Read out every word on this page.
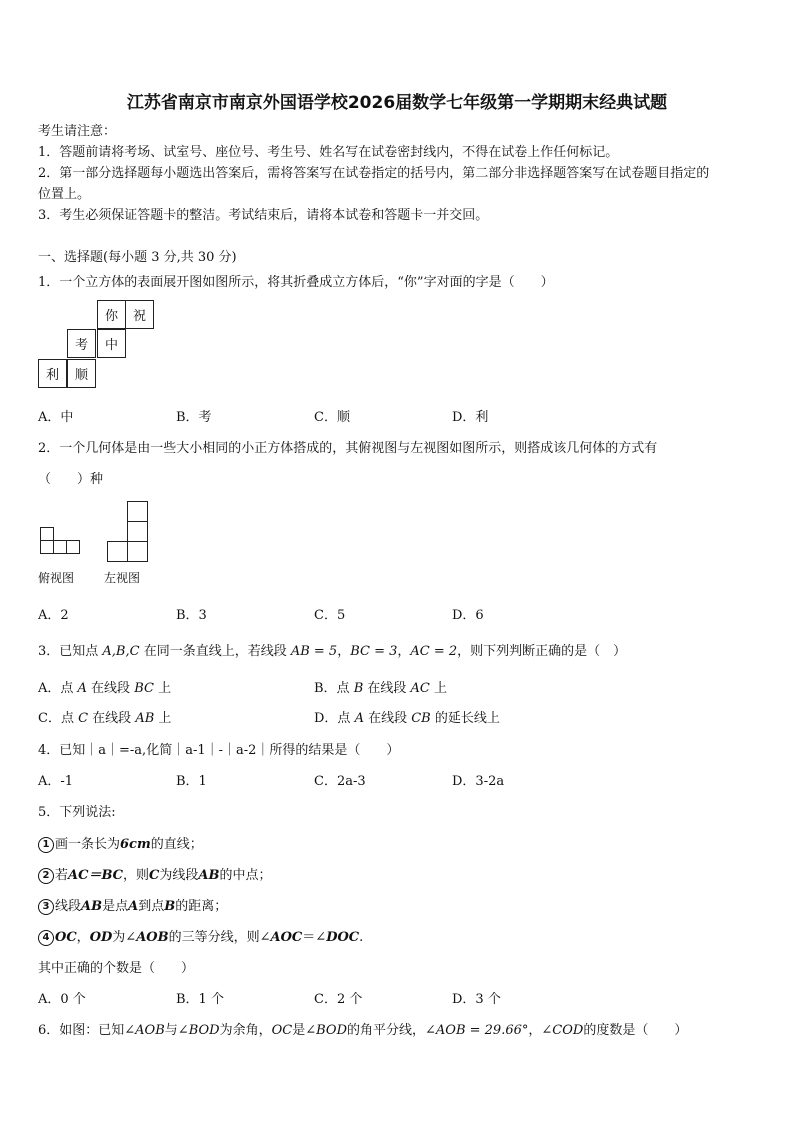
江苏省南京市南京外国语学校2026届数学七年级第一学期期末经典试题
考生请注意：
1．答题前请将考场、试室号、座位号、考生号、姓名写在试卷密封线内，不得在试卷上作任何标记。
2．第一部分选择题每小题选出答案后，需将答案写在试卷指定的括号内，第二部分非选择题答案写在试卷题目指定的
位置上。
3．考生必须保证答题卡的整洁。考试结束后，请将本试卷和答题卡一并交回。
一、选择题(每小题 3 分,共 30 分)
1．一个立方体的表面展开图如图所示，将其折叠成立方体后，“你”字对面的字是（　　）
你	祝
考	中
利	顺
A．中	B．考	C．顺	D．利
2．一个几何体是由一些大小相同的小正方体搭成的，其俯视图与左视图如图所示，则搭成该几何体的方式有
（　　）种
俯视图 左视图
A．2	B．3	C．5	D．6
3．已知点 A,B,C 在同一条直线上，若线段 AB = 5，BC = 3，AC = 2，则下列判断正确的是（　）
A．点 A 在线段 BC 上	B．点 B 在线段 AC 上
C．点 C 在线段 AB 上	D．点 A 在线段 CB 的延长线上
4．已知｜a｜=-a,化简｜a-1｜-｜a-2｜所得的结果是（　　）
A．-1	B．1	C．2a-3	D．3-2a
5．下列说法:
1 画一条长为6cm的直线；
2 若AC＝BC，则C为线段AB的中点；
3 线段AB是点A到点B的距离；
4 OC，OD为∠AOB的三等分线，则∠AOC＝∠DOC.
其中正确的个数是（　　）
A．0 个	B．1 个	C．2 个	D．3 个
6．如图：已知∠AOB与∠BOD为余角，OC是∠BOD的角平分线，∠AOB = 29.66°，∠COD的度数是（　　）
